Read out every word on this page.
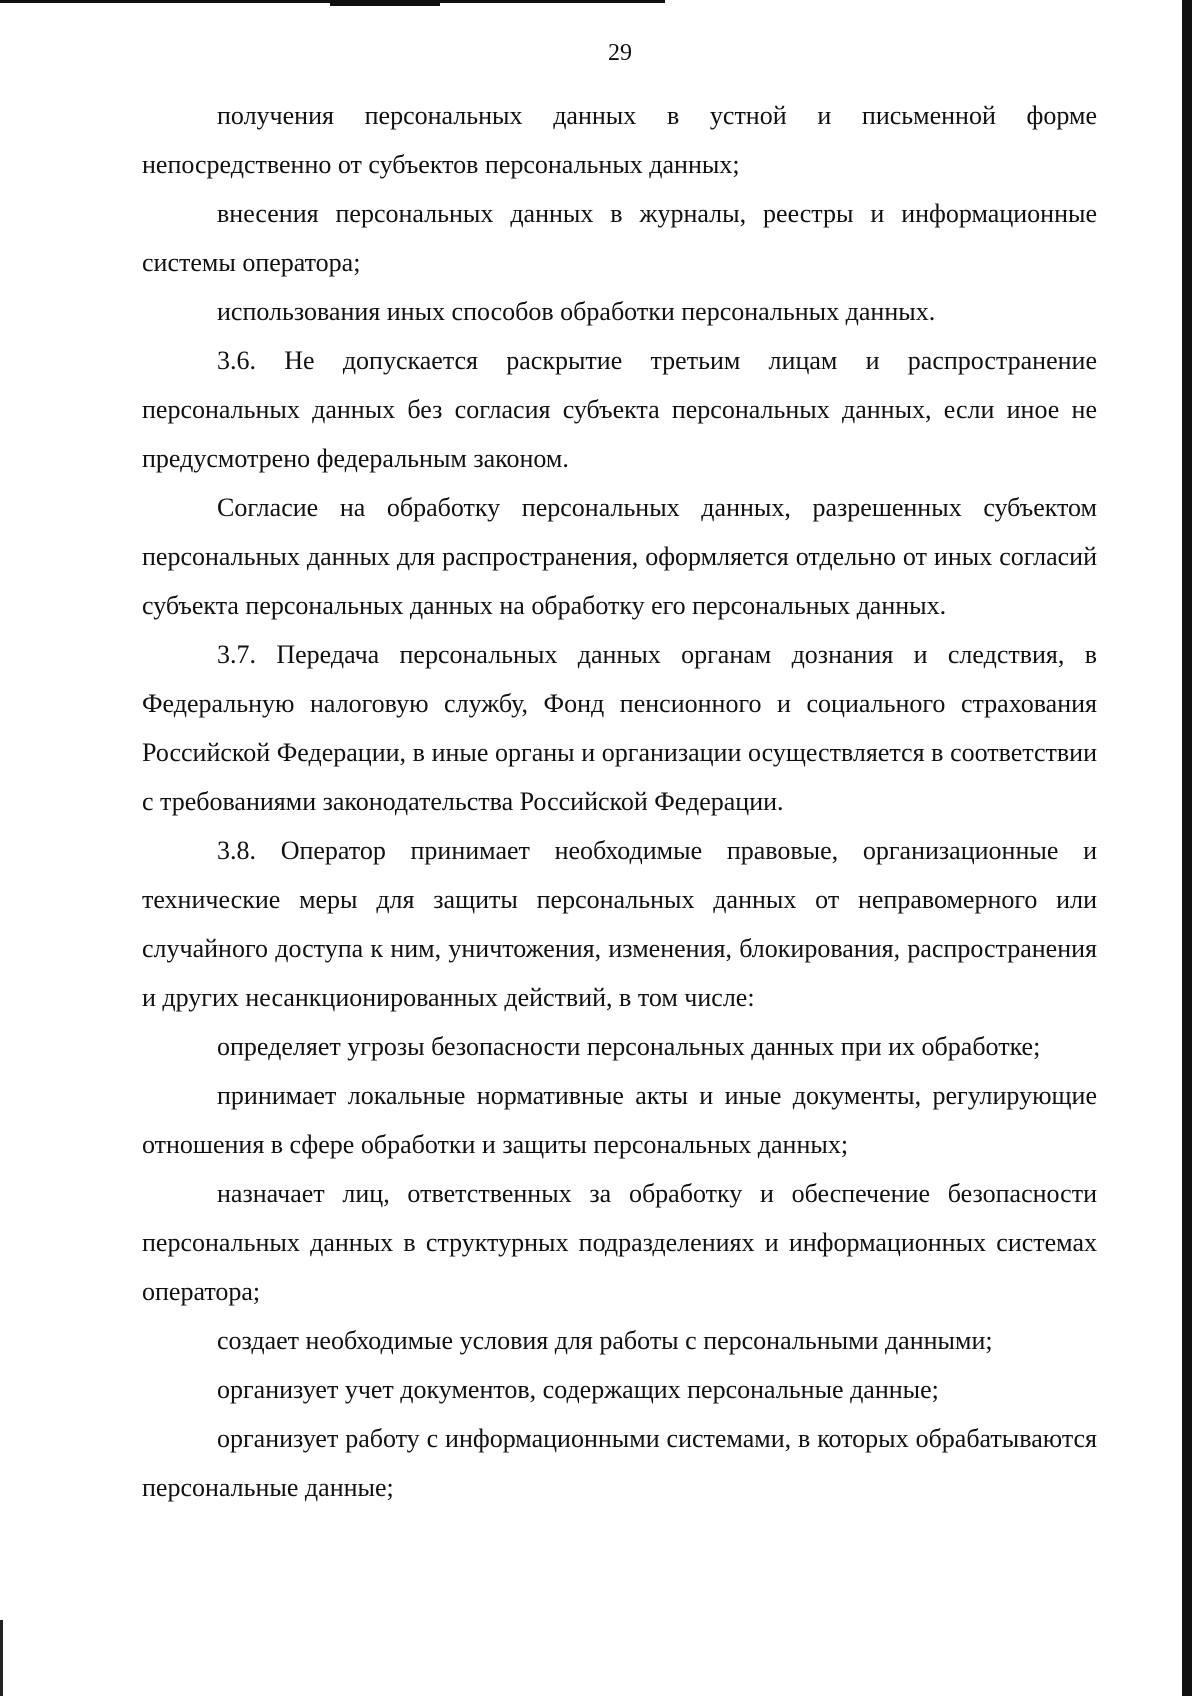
29

получения персональных данных в устной и письменной форме непосредственно от субъектов персональных данных;

внесения персональных данных в журналы, реестры и информационные системы оператора;

использования иных способов обработки персональных данных.

3.6. Не допускается раскрытие третьим лицам и распространение персональных данных без согласия субъекта персональных данных, если иное не предусмотрено федеральным законом.

Согласие на обработку персональных данных, разрешенных субъектом персональных данных для распространения, оформляется отдельно от иных согласий субъекта персональных данных на обработку его персональных данных.

3.7. Передача персональных данных органам дознания и следствия, в Федеральную налоговую службу, Фонд пенсионного и социального страхования Российской Федерации, в иные органы и организации осуществляется в соответствии с требованиями законодательства Российской Федерации.

3.8. Оператор принимает необходимые правовые, организационные и технические меры для защиты персональных данных от неправомерного или случайного доступа к ним, уничтожения, изменения, блокирования, распространения и других несанкционированных действий, в том числе:

определяет угрозы безопасности персональных данных при их обработке;

принимает локальные нормативные акты и иные документы, регулирующие отношения в сфере обработки и защиты персональных данных;

назначает лиц, ответственных за обработку и обеспечение безопасности персональных данных в структурных подразделениях и информационных системах оператора;

создает необходимые условия для работы с персональными данными;

организует учет документов, содержащих персональные данные;

организует работу с информационными системами, в которых обрабатываются персональные данные;
